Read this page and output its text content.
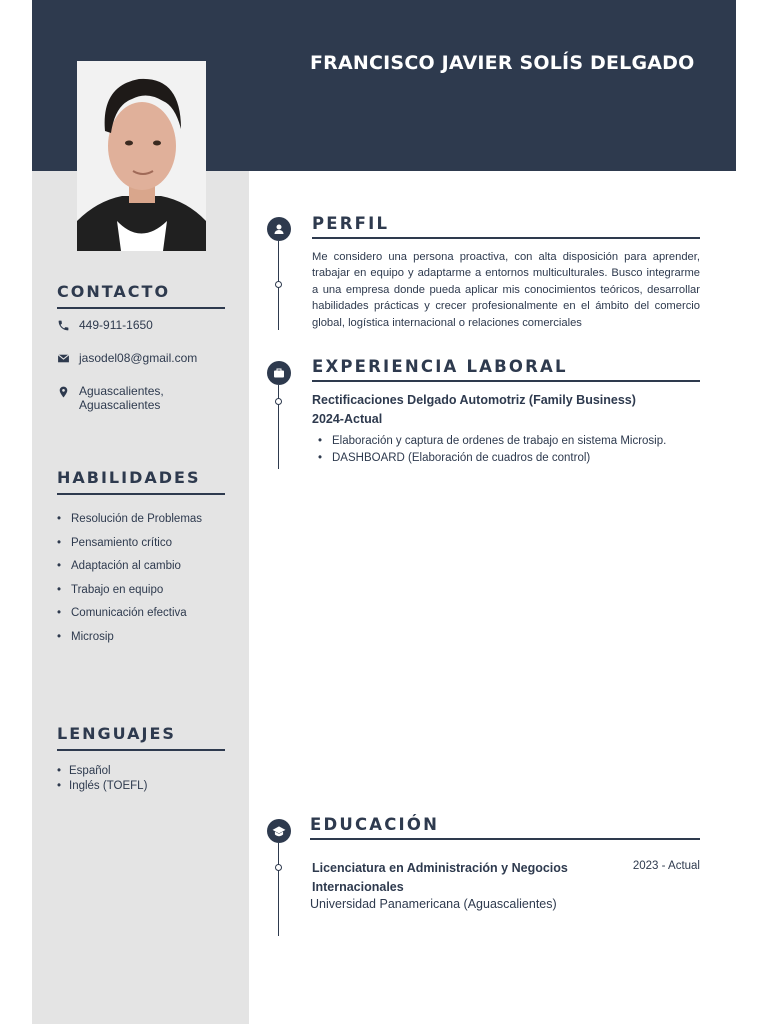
FRANCISCO JAVIER SOLÍS DELGADO
CONTACTO
449-911-1650
jasodel08@gmail.com
Aguascalientes,
Aguascalientes
HABILIDADES
• Resolución de Problemas
• Pensamiento crítico
• Adaptación al cambio
• Trabajo en equipo
• Comunicación efectiva
• Microsip
LENGUAJES
• Español
• Inglés (TOEFL)
PERFIL
Me considero una persona proactiva, con alta disposición para aprender, trabajar en equipo y adaptarme a entornos multiculturales. Busco integrarme a una empresa donde pueda aplicar mis conocimientos teóricos, desarrollar habilidades prácticas y crecer profesionalmente en el ámbito del comercio global, logística internacional o relaciones comerciales
EXPERIENCIA LABORAL
Rectificaciones Delgado Automotriz (Family Business)
2024-Actual
• Elaboración y captura de ordenes de trabajo en sistema Microsip.
• DASHBOARD (Elaboración de cuadros de control)
EDUCACIÓN
Licenciatura en Administración y Negocios Internacionales
2023 - Actual
Universidad Panamericana (Aguascalientes)
